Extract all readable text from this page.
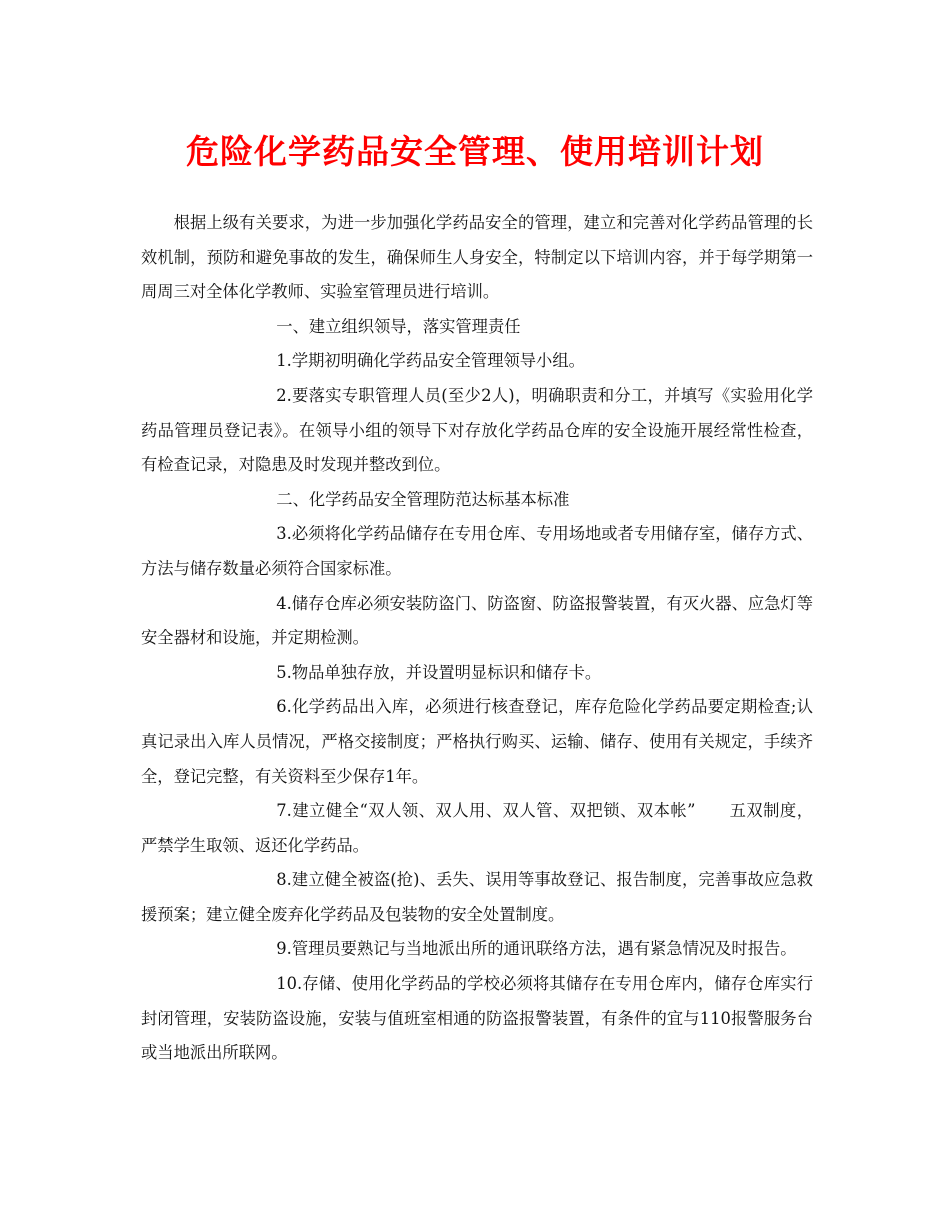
危险化学药品安全管理、使用培训计划

根据上级有关要求，为进一步加强化学药品安全的管理，建立和完善对化学药品管理的长效机制，预防和避免事故的发生，确保师生人身安全，特制定以下培训内容，并于每学期第一周周三对全体化学教师、实验室管理员进行培训。

一、建立组织领导，落实管理责任

1.学期初明确化学药品安全管理领导小组。

2.要落实专职管理人员(至少2人)，明确职责和分工，并填写《实验用化学药品管理员登记表》。在领导小组的领导下对存放化学药品仓库的安全设施开展经常性检查，有检查记录，对隐患及时发现并整改到位。

二、化学药品安全管理防范达标基本标准

3.必须将化学药品储存在专用仓库、专用场地或者专用储存室，储存方式、方法与储存数量必须符合国家标准。

4.储存仓库必须安装防盗门、防盗窗、防盗报警装置，有灭火器、应急灯等安全器材和设施，并定期检测。

5.物品单独存放，并设置明显标识和储存卡。

6.化学药品出入库，必须进行核查登记，库存危险化学药品要定期检查;认真记录出入库人员情况，严格交接制度；严格执行购买、运输、储存、使用有关规定，手续齐全，登记完整，有关资料至少保存1年。

7.建立健全“双人领、双人用、双人管、双把锁、双本帐”　　五双制度，严禁学生取领、返还化学药品。

8.建立健全被盗(抢)、丢失、误用等事故登记、报告制度，完善事故应急救援预案；建立健全废弃化学药品及包装物的安全处置制度。

9.管理员要熟记与当地派出所的通讯联络方法，遇有紧急情况及时报告。

10.存储、使用化学药品的学校必须将其储存在专用仓库内，储存仓库实行封闭管理，安装防盗设施，安装与值班室相通的防盗报警装置，有条件的宜与110报警服务台或当地派出所联网。
